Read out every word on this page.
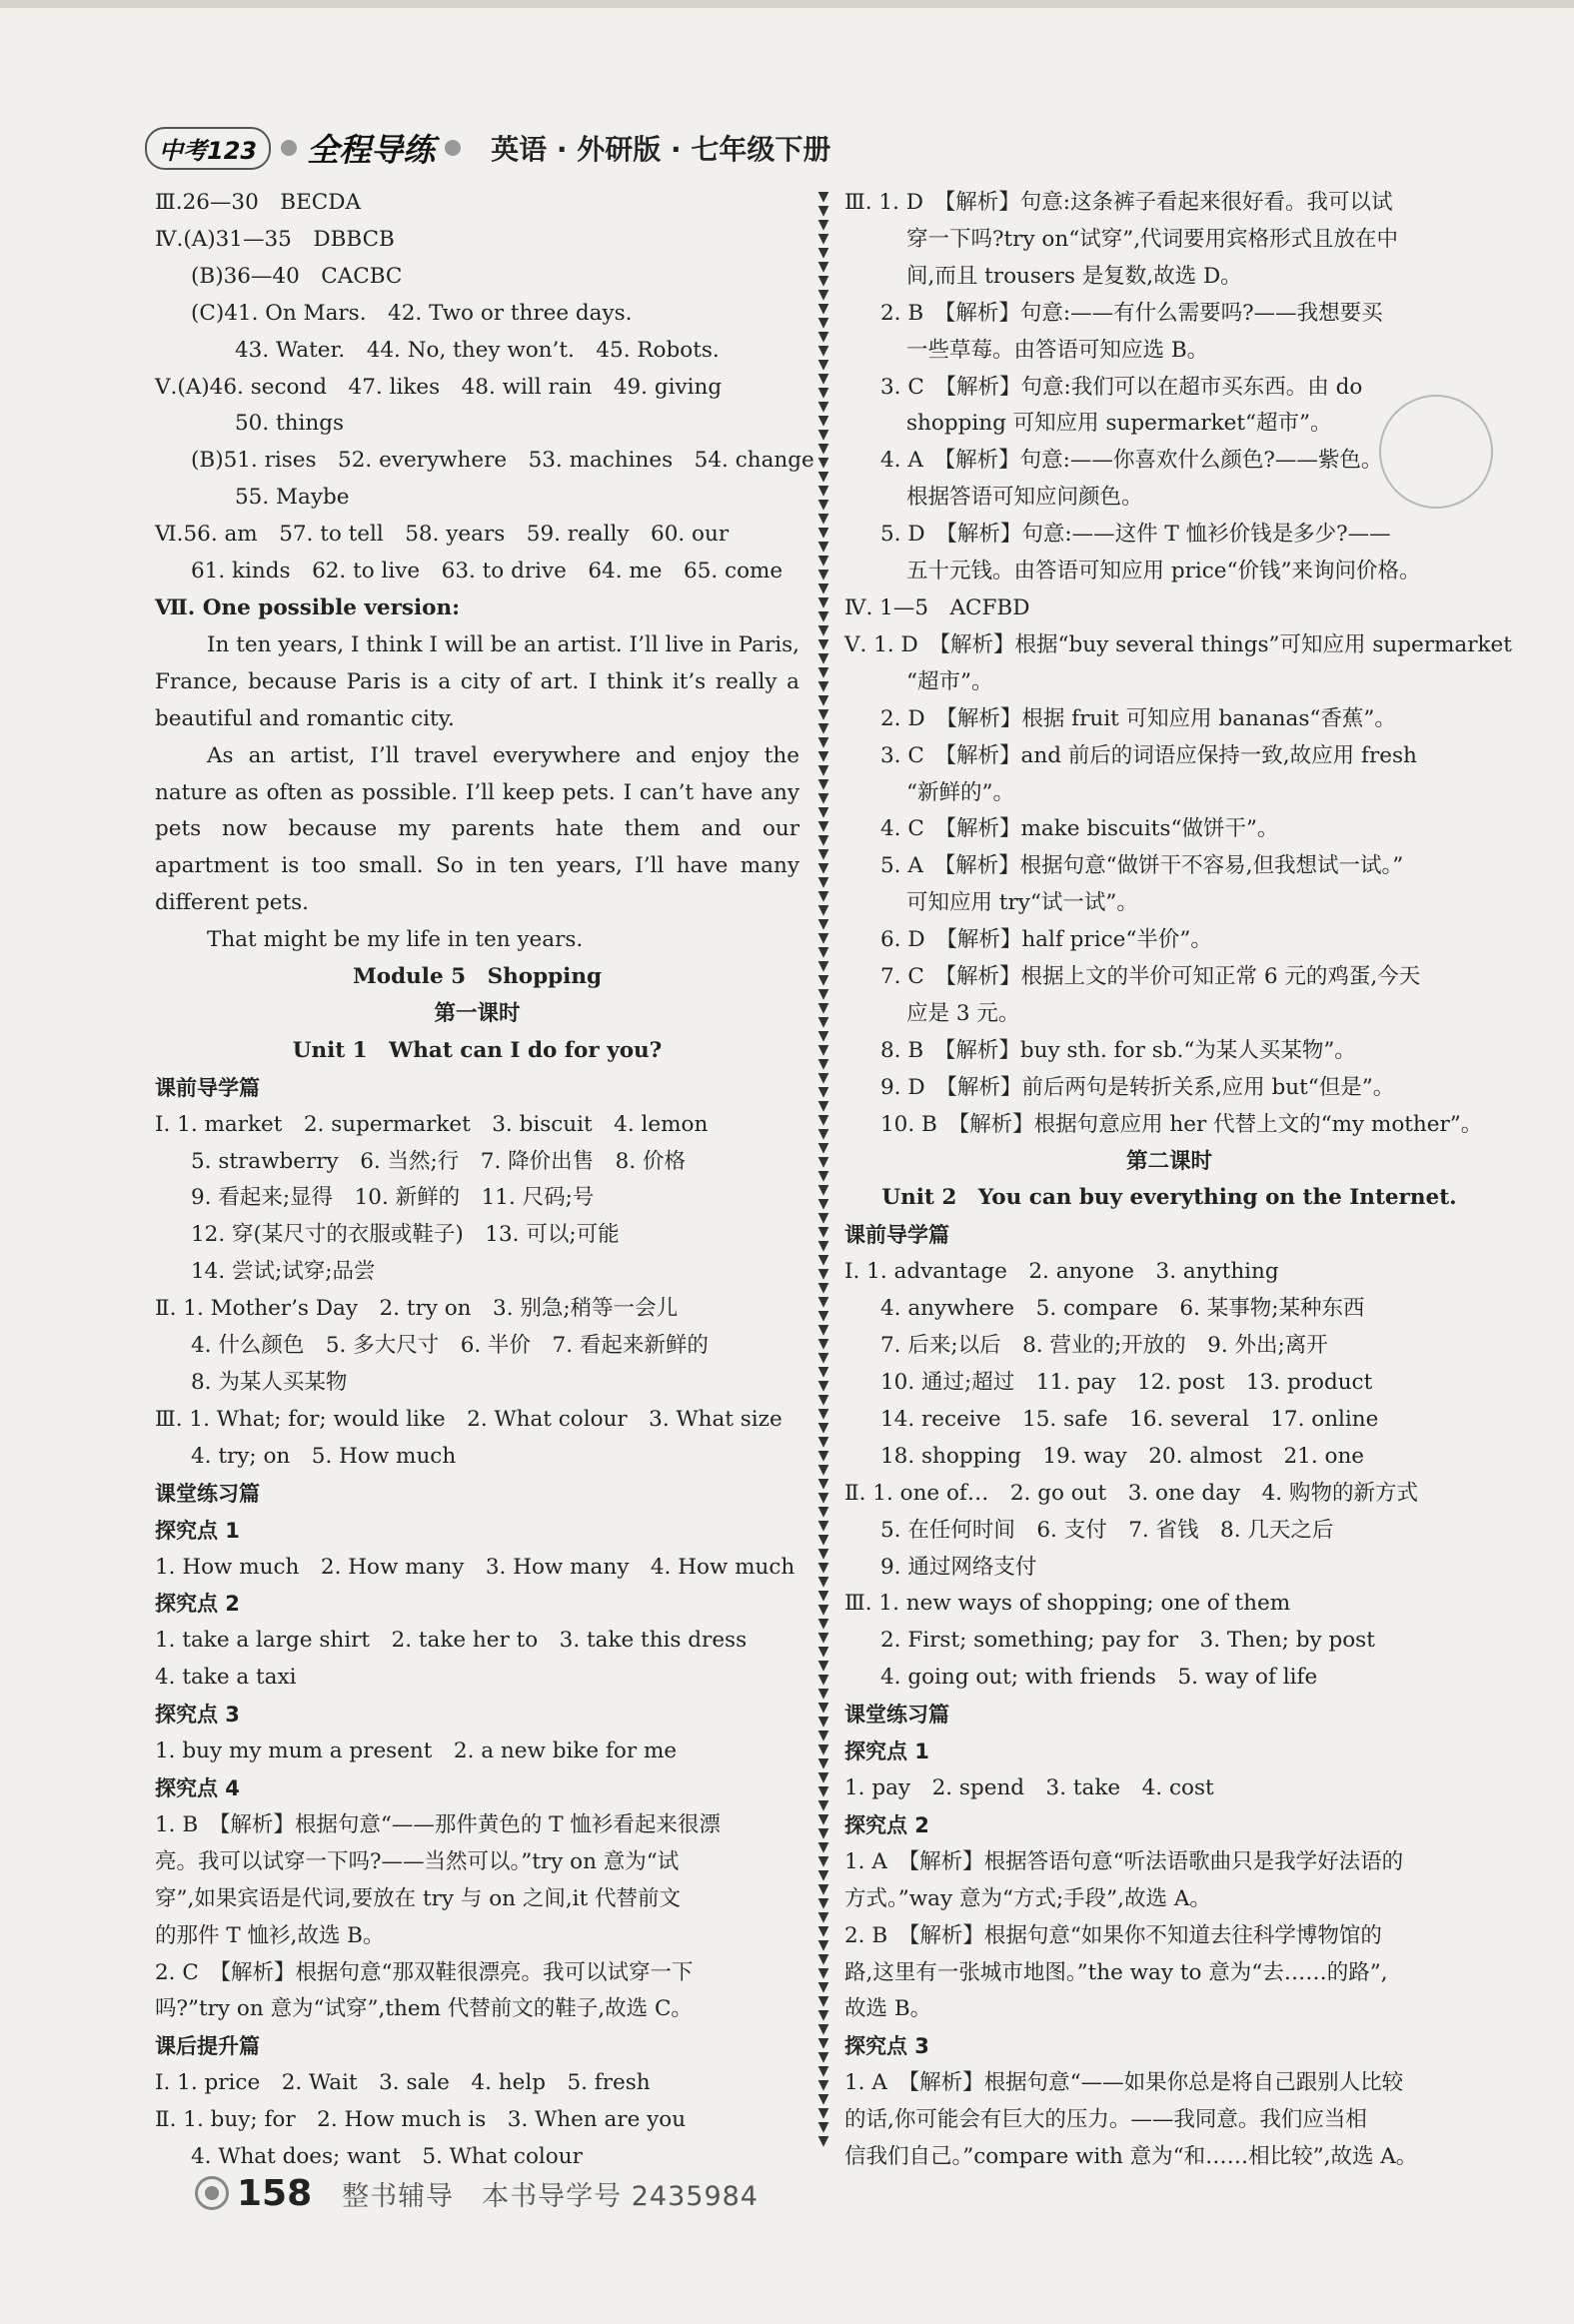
中考123	全程导练 英语 · 外研版 · 七年级下册
▼
▼
▼
▼
▼
▼
▼
▼
▼
▼
▼
▼
▼
▼
▼
▼
▼
▼
▼
▼
▼
▼
▼
▼
▼
▼
▼
▼
▼
▼
▼
▼
▼
▼
▼
▼
▼
▼
▼
▼
▼
▼
▼
▼
▼
▼
▼
▼
▼
▼
▼
▼
▼
▼
▼
▼
▼
▼
▼
▼
▼
▼
▼
▼
▼
▼
▼
▼
▼
▼
▼
▼
▼
▼
▼
▼
▼
▼
▼
▼
▼
▼
▼
▼
▼
▼
▼
▼
▼
▼
▼
▼
▼
▼
▼
▼
▼
▼
▼
▼
▼
▼
▼
▼
▼
▼
▼
▼
▼
▼
▼
▼
▼
▼
▼
▼
▼
▼
▼
▼
▼
▼
▼
▼
▼
▼
▼
▼
▼
▼
▼
▼
▼
▼
▼
▼
▼
▼
▼
▼

Ⅲ.26—30　BECDA

Ⅳ.(A)31—35　DBBCB

(B)36—40　CACBC

(C)41. On Mars.　42. Two or three days.

43. Water.　44. No, they won’t.　45. Robots.

Ⅴ.(A)46. second　47. likes　48. will rain　49. giving

50. things

(B)51. rises　52. everywhere　53. machines　54. change

55. Maybe

Ⅵ.56. am　57. to tell　58. years　59. really　60. our

61. kinds　62. to live　63. to drive　64. me　65. come

Ⅶ. One possible version:

In ten years, I think I will be an artist. I’ll live in Paris, France, because Paris is a city of art. I think it’s really a beautiful and romantic city.

As an artist, I’ll travel everywhere and enjoy the nature as often as possible. I’ll keep pets. I can’t have any pets now because my parents hate them and our apartment is too small. So in ten years, I’ll have many different pets.

That might be my life in ten years.

Module 5　Shopping

第一课时

Unit 1　What can I do for you?

课前导学篇

Ⅰ. 1. market　2. supermarket　3. biscuit　4. lemon

5. strawberry　6. 当然;行　7. 降价出售　8. 价格

9. 看起来;显得　10. 新鲜的　11. 尺码;号

12. 穿(某尺寸的衣服或鞋子)　13. 可以;可能

14. 尝试;试穿;品尝

Ⅱ. 1. Mother’s Day　2. try on　3. 别急;稍等一会儿

4. 什么颜色　5. 多大尺寸　6. 半价　7. 看起来新鲜的

8. 为某人买某物

Ⅲ. 1. What; for; would like　2. What colour　3. What size

4. try; on　5. How much

课堂练习篇

探究点 1

1. How much　2. How many　3. How many　4. How much

探究点 2

1. take a large shirt　2. take her to　3. take this dress

4. take a taxi

探究点 3

1. buy my mum a present　2. a new bike for me

探究点 4

1. B　【解析】根据句意“——那件黄色的 T 恤衫看起来很漂

亮。我可以试穿一下吗?——当然可以。”try on 意为“试

穿”,如果宾语是代词,要放在 try 与 on 之间,it 代替前文

的那件 T 恤衫,故选 B。

2. C　【解析】根据句意“那双鞋很漂亮。我可以试穿一下

吗?”try on 意为“试穿”,them 代替前文的鞋子,故选 C。

课后提升篇

Ⅰ. 1. price　2. Wait　3. sale　4. help　5. fresh

Ⅱ. 1. buy; for　2. How much is　3. When are you

4. What does; want　5. What colour

Ⅲ. 1. D　【解析】句意:这条裤子看起来很好看。我可以试

穿一下吗?try on“试穿”,代词要用宾格形式且放在中

间,而且 trousers 是复数,故选 D。

2. B　【解析】句意:——有什么需要吗?——我想要买

一些草莓。由答语可知应选 B。

3. C　【解析】句意:我们可以在超市买东西。由 do

shopping 可知应用 supermarket“超市”。

4. A　【解析】句意:——你喜欢什么颜色?——紫色。

根据答语可知应问颜色。

5. D　【解析】句意:——这件 T 恤衫价钱是多少?——

五十元钱。由答语可知应用 price“价钱”来询问价格。

Ⅳ. 1—5　ACFBD

Ⅴ. 1. D　【解析】根据“buy several things”可知应用 supermarket

“超市”。

2. D　【解析】根据 fruit 可知应用 bananas“香蕉”。

3. C　【解析】and 前后的词语应保持一致,故应用 fresh

“新鲜的”。

4. C　【解析】make biscuits“做饼干”。

5. A　【解析】根据句意“做饼干不容易,但我想试一试。”

可知应用 try“试一试”。

6. D　【解析】half price“半价”。

7. C　【解析】根据上文的半价可知正常 6 元的鸡蛋,今天

应是 3 元。

8. B　【解析】buy sth. for sb.“为某人买某物”。

9. D　【解析】前后两句是转折关系,应用 but“但是”。

10. B　【解析】根据句意应用 her 代替上文的“my mother”。

第二课时

Unit 2　You can buy everything on the Internet.

课前导学篇

Ⅰ. 1. advantage　2. anyone　3. anything

4. anywhere　5. compare　6. 某事物;某种东西

7. 后来;以后　8. 营业的;开放的　9. 外出;离开

10. 通过;超过　11. pay　12. post　13. product

14. receive　15. safe　16. several　17. online

18. shopping　19. way　20. almost　21. one

Ⅱ. 1. one of…　2. go out　3. one day　4. 购物的新方式

5. 在任何时间　6. 支付　7. 省钱　8. 几天之后

9. 通过网络支付

Ⅲ. 1. new ways of shopping; one of them

2. First; something; pay for　3. Then; by post

4. going out; with friends　5. way of life

课堂练习篇

探究点 1

1. pay　2. spend　3. take　4. cost

探究点 2

1. A　【解析】根据答语句意“听法语歌曲只是我学好法语的

方式。”way 意为“方式;手段”,故选 A。

2. B　【解析】根据句意“如果你不知道去往科学博物馆的

路,这里有一张城市地图。”the way to 意为“去……的路”,

故选 B。

探究点 3

1. A　【解析】根据句意“——如果你总是将自己跟别人比较

的话,你可能会有巨大的压力。——我同意。我们应当相

信我们自己。”compare with 意为“和……相比较”,故选 A。

158 整书辅导　本书导学号 2435984
